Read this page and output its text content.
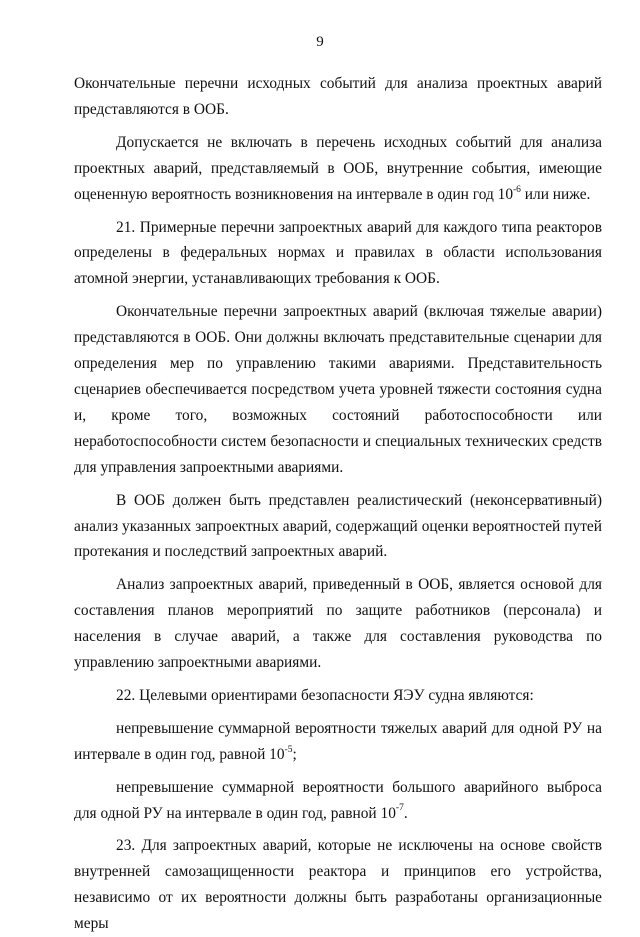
9

Окончательные перечни исходных событий для анализа проектных аварий представляются в ООБ.

Допускается не включать в перечень исходных событий для анализа проектных аварий, представляемый в ООБ, внутренние события, имеющие оцененную вероятность возникновения на интервале в один год $10^{-6}$ или ниже.

21. Примерные перечни запроектных аварий для каждого типа реакторов определены в федеральных нормах и правилах в области использования атомной энергии, устанавливающих требования к ООБ.

Окончательные перечни запроектных аварий (включая тяжелые аварии) представляются в ООБ. Они должны включать представительные сценарии для определения мер по управлению такими авариями. Представительность сценариев обеспечивается посредством учета уровней тяжести состояния судна и, кроме того, возможных состояний работоспособности или неработоспособности систем безопасности и специальных технических средств для управления запроектными авариями.

В ООБ должен быть представлен реалистический (неконсервативный) анализ указанных запроектных аварий, содержащий оценки вероятностей путей протекания и последствий запроектных аварий.

Анализ запроектных аварий, приведенный в ООБ, является основой для составления планов мероприятий по защите работников (персонала) и населения в случае аварий, а также для составления руководства по управлению запроектными авариями.

22. Целевыми ориентирами безопасности ЯЭУ судна являются:

непревышение суммарной вероятности тяжелых аварий для одной РУ на интервале в один год, равной $10^{-5}$;

непревышение суммарной вероятности большого аварийного выброса для одной РУ на интервале в один год, равной $10^{-7}$.

23. Для запроектных аварий, которые не исключены на основе свойств внутренней самозащищенности реактора и принципов его устройства, независимо от их вероятности должны быть разработаны организационные меры
